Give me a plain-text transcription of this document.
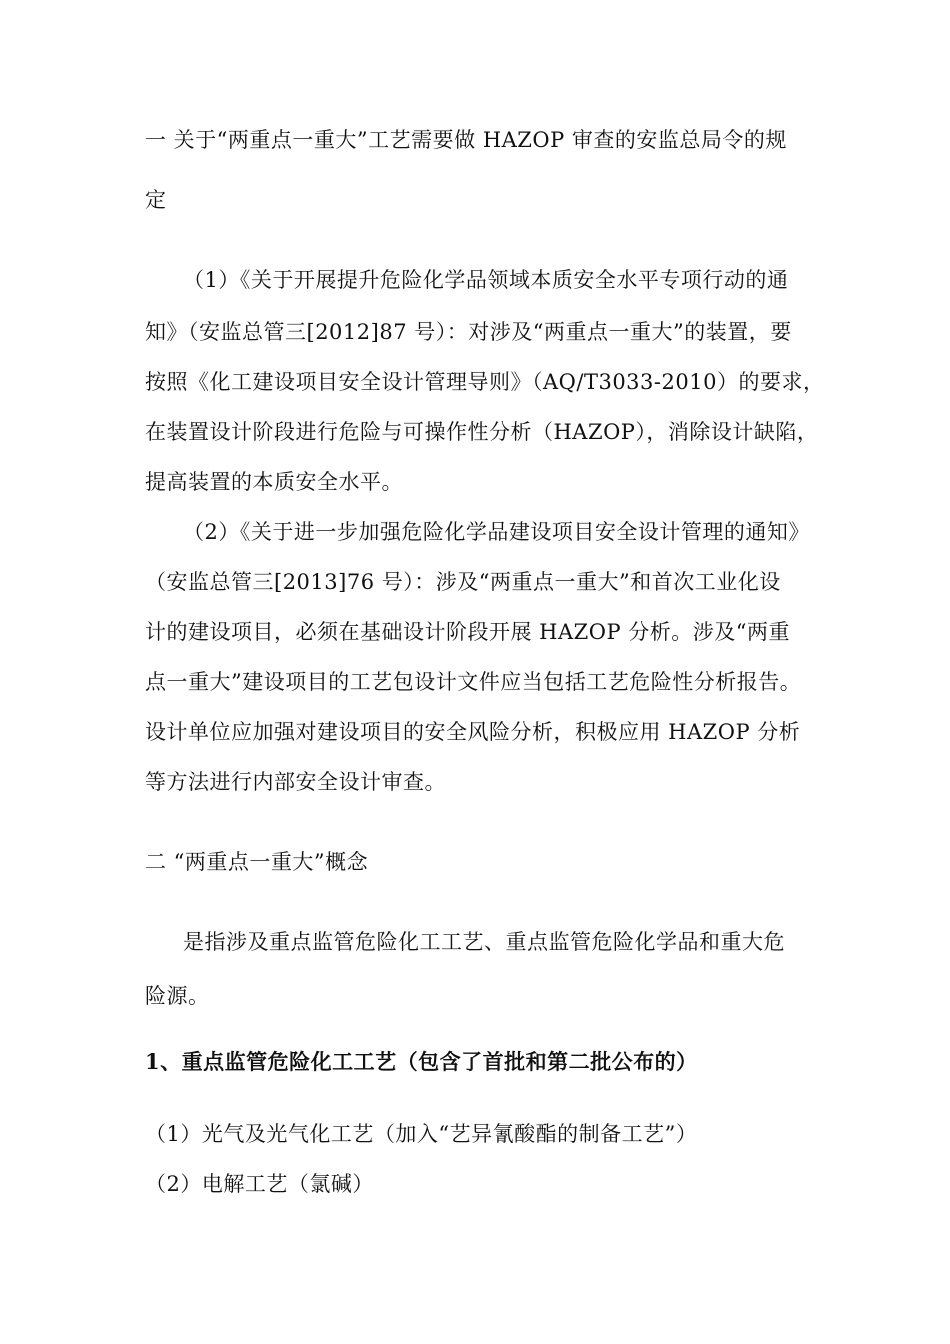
一 关于“两重点一重大”工艺需要做 HAZOP 审查的安监总局令的规
定
（1）《关于开展提升危险化学品领域本质安全水平专项行动的通
知》（安监总管三[2012]87 号）：对涉及“两重点一重大”的装置，要
按照《化工建设项目安全设计管理导则》（AQ/T3033-2010）的要求，
在装置设计阶段进行危险与可操作性分析（HAZOP），消除设计缺陷，
提高装置的本质安全水平。
（2）《关于进一步加强危险化学品建设项目安全设计管理的通知》
（安监总管三[2013]76 号）：涉及“两重点一重大”和首次工业化设
计的建设项目，必须在基础设计阶段开展 HAZOP 分析。涉及“两重
点一重大”建设项目的工艺包设计文件应当包括工艺危险性分析报告。
设计单位应加强对建设项目的安全风险分析，积极应用 HAZOP 分析
等方法进行内部安全设计审查。
二 “两重点一重大”概念
是指涉及重点监管危险化工工艺、重点监管危险化学品和重大危
险源。
1、重点监管危险化工工艺（包含了首批和第二批公布的）
（1）光气及光气化工艺（加入“艺异氰酸酯的制备工艺”）
（2）电解工艺（氯碱）
